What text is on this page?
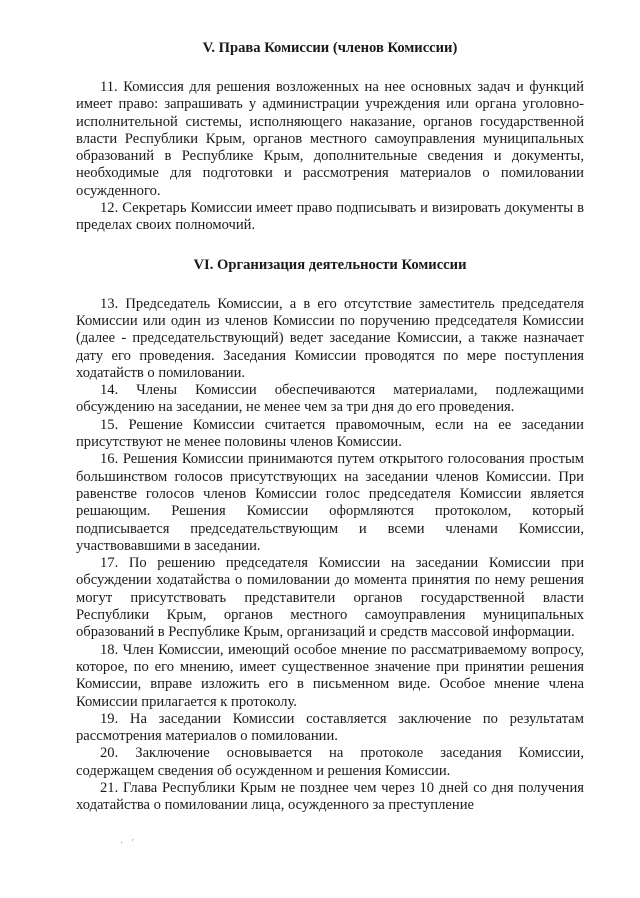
V. Права Комиссии (членов Комиссии)

11. Комиссия для решения возложенных на нее основных задач и функций имеет право: запрашивать у администрации учреждения или органа уголовно-исполнительной системы, исполняющего наказание, органов государственной власти Республики Крым, органов местного самоуправления муниципальных образований в Республике Крым, дополнительные сведения и документы, необходимые для подготовки и рассмотрения материалов о помиловании осужденного.

12. Секретарь Комиссии имеет право подписывать и визировать документы в пределах своих полномочий.

VI. Организация деятельности Комиссии

13. Председатель Комиссии, а в его отсутствие заместитель председателя Комиссии или один из членов Комиссии по поручению председателя Комиссии (далее - председательствующий) ведет заседание Комиссии, а также назначает дату его проведения. Заседания Комиссии проводятся по мере поступления ходатайств о помиловании.

14. Члены Комиссии обеспечиваются материалами, подлежащими обсуждению на заседании, не менее чем за три дня до его проведения.

15. Решение Комиссии считается правомочным, если на ее заседании присутствуют не менее половины членов Комиссии.

16. Решения Комиссии принимаются путем открытого голосования простым большинством голосов присутствующих на заседании членов Комиссии. При равенстве голосов членов Комиссии голос председателя Комиссии является решающим. Решения Комиссии оформляются протоколом, который подписывается председательствующим и всеми членами Комиссии, участвовавшими в заседании.

17. По решению председателя Комиссии на заседании Комиссии при обсуждении ходатайства о помиловании до момента принятия по нему решения могут присутствовать представители органов государственной власти Республики Крым, органов местного самоуправления муниципальных образований в Республике Крым, организаций и средств массовой информации.

18. Член Комиссии, имеющий особое мнение по рассматриваемому вопросу, которое, по его мнению, имеет существенное значение при принятии решения Комиссии, вправе изложить его в письменном виде. Особое мнение члена Комиссии прилагается к протоколу.

19. На заседании Комиссии составляется заключение по результатам рассмотрения материалов о помиловании.

20. Заключение основывается на протоколе заседания Комиссии, содержащем сведения об осужденном и решения Комиссии.

21. Глава Республики Крым не позднее чем через 10 дней со дня получения ходатайства о помиловании лица, осужденного за преступление

· '
